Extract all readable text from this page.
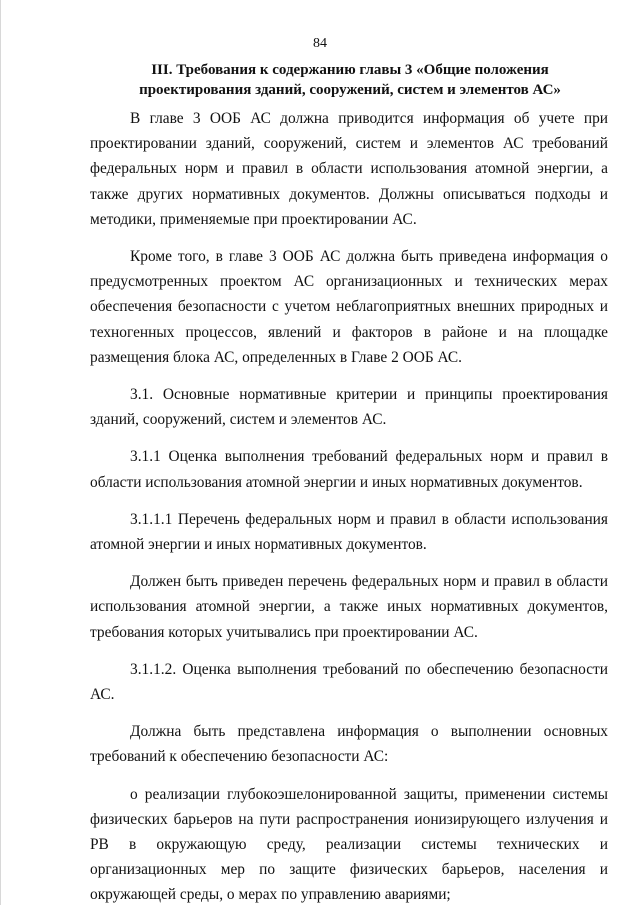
84
III. Требования к содержанию главы 3 «Общие положения
проектирования зданий, сооружений, систем и элементов АС»

В главе 3 ООБ АС должна приводится информация об учете при проектировании зданий, сооружений, систем и элементов АС требований федеральных норм и правил в области использования атомной энергии, а также других нормативных документов. Должны описываться подходы и методики, применяемые при проектировании АС.

Кроме того, в главе 3 ООБ АС должна быть приведена информация о предусмотренных проектом АС организационных и технических мерах обеспечения безопасности с учетом неблагоприятных внешних природных и техногенных процессов, явлений и факторов в районе и на площадке размещения блока АС, определенных в Главе 2 ООБ АС.

3.1. Основные нормативные критерии и принципы проектирования зданий, сооружений, систем и элементов АС.

3.1.1 Оценка выполнения требований федеральных норм и правил в области использования атомной энергии и иных нормативных документов.

3.1.1.1 Перечень федеральных норм и правил в области использования атомной энергии и иных нормативных документов.

Должен быть приведен перечень федеральных норм и правил в области использования атомной энергии, а также иных нормативных документов, требования которых учитывались при проектировании АС.

3.1.1.2. Оценка выполнения требований по обеспечению безопасности АС.

Должна быть представлена информация о выполнении основных требований к обеспечению безопасности АС:

о реализации глубокоэшелонированной защиты, применении системы физических барьеров на пути распространения ионизирующего излучения и РВ в окружающую среду, реализации системы технических и организационных мер по защите физических барьеров, населения и окружающей среды, о мерах по управлению авариями;
